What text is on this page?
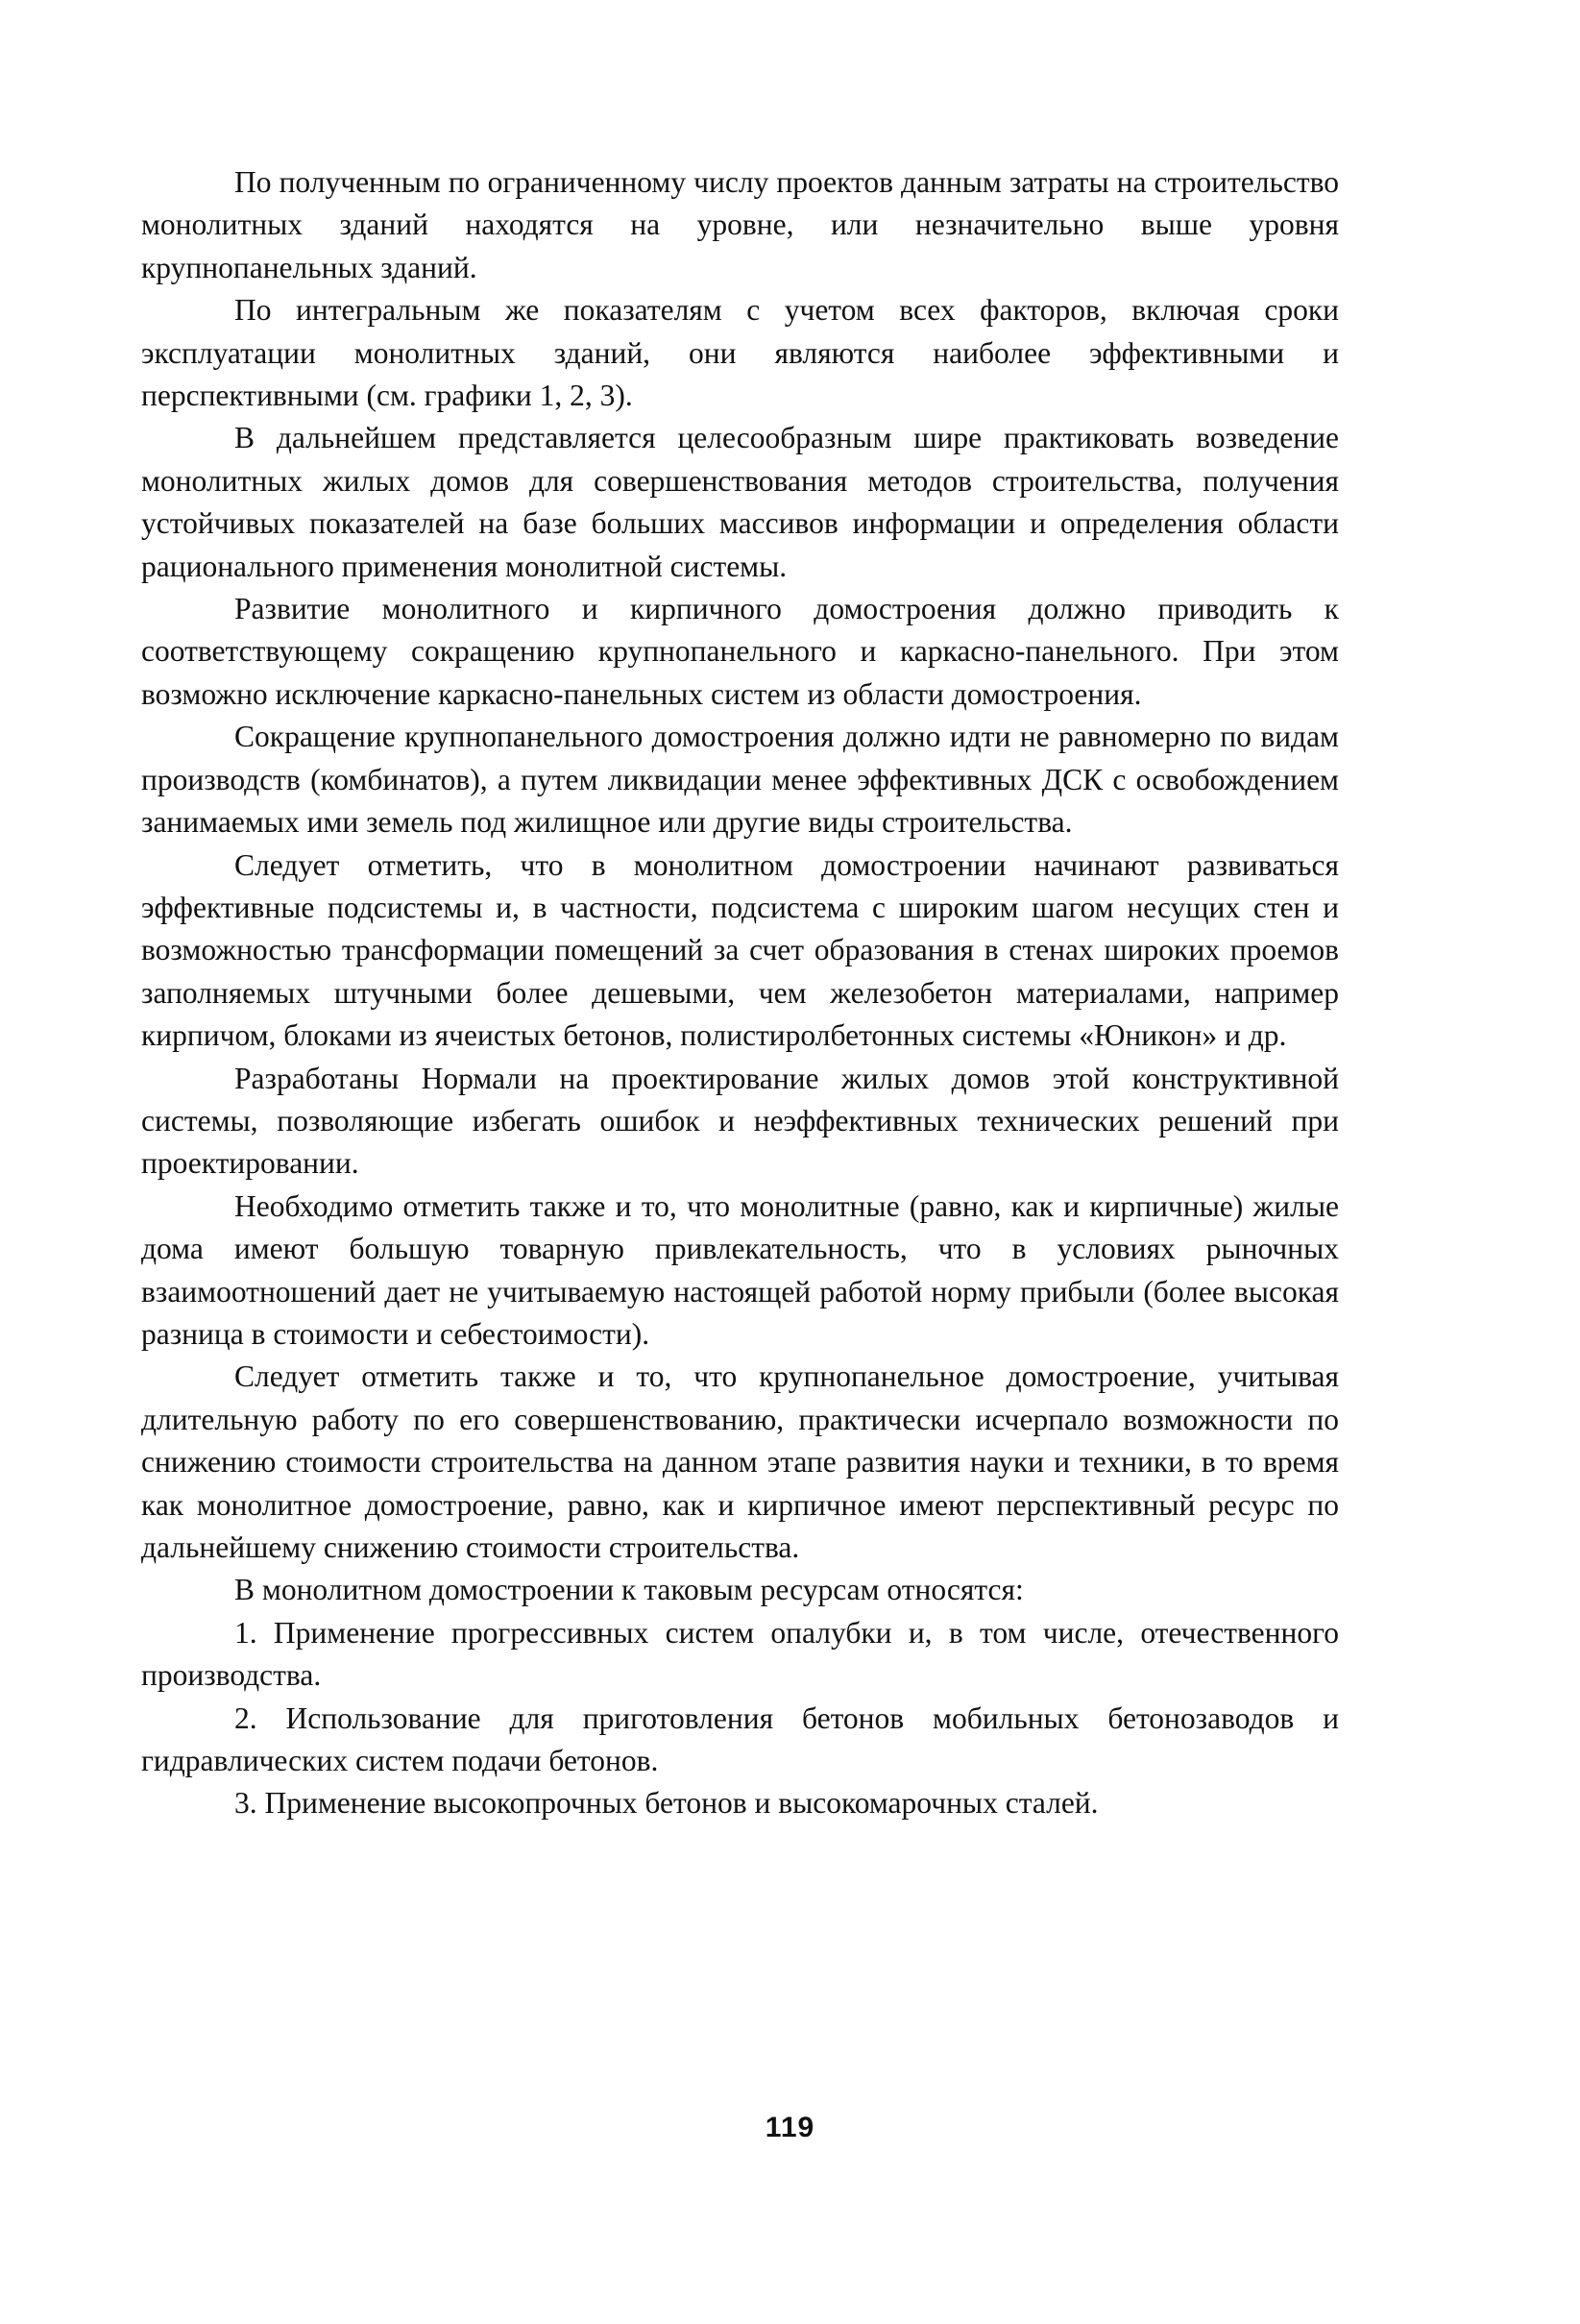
По полученным по ограниченному числу проектов данным затраты на строительство монолитных зданий находятся на уровне, или незначительно выше уровня крупнопанельных зданий.

По интегральным же показателям с учетом всех факторов, включая сроки эксплуатации монолитных зданий, они являются наиболее эффективными и перспективными (см. графики 1, 2, 3).

В дальнейшем представляется целесообразным шире практиковать возведение монолитных жилых домов для совершенствования методов строительства, получения устойчивых показателей на базе больших массивов информации и определения области рационального применения монолитной системы.

Развитие монолитного и кирпичного домостроения должно приводить к соответствующему сокращению крупнопанельного и каркасно-панельного. При этом возможно исключение каркасно-панельных систем из области домостроения.

Сокращение крупнопанельного домостроения должно идти не равномерно по видам производств (комбинатов), а путем ликвидации менее эффективных ДСК с освобождением занимаемых ими земель под жилищное или другие виды строительства.

Следует отметить, что в монолитном домостроении начинают развиваться эффективные подсистемы и, в частности, подсистема с широким шагом несущих стен и возможностью трансформации помещений за счет образования в стенах широких проемов заполняемых штучными более дешевыми, чем железобетон материалами, например кирпичом, блоками из ячеистых бетонов, полистиролбетонных системы «Юникон» и др.

Разработаны Нормали на проектирование жилых домов этой конструктивной системы, позволяющие избегать ошибок и неэффективных технических решений при проектировании.

Необходимо отметить также и то, что монолитные (равно, как и кирпичные) жилые дома имеют большую товарную привлекательность, что в условиях рыночных взаимоотношений дает не учитываемую настоящей работой норму прибыли (более высокая разница в стоимости и себестоимости).

Следует отметить также и то, что крупнопанельное домостроение, учитывая длительную работу по его совершенствованию, практически исчерпало возможности по снижению стоимости строительства на данном этапе развития науки и техники, в то время как монолитное домостроение, равно, как и кирпичное имеют перспективный ресурс по дальнейшему снижению стоимости строительства.

В монолитном домостроении к таковым ресурсам относятся:

1. Применение прогрессивных систем опалубки и, в том числе, отечественного производства.

2. Использование для приготовления бетонов мобильных бетонозаводов и гидравлических систем подачи бетонов.

3. Применение высокопрочных бетонов и высокомарочных сталей.

119
